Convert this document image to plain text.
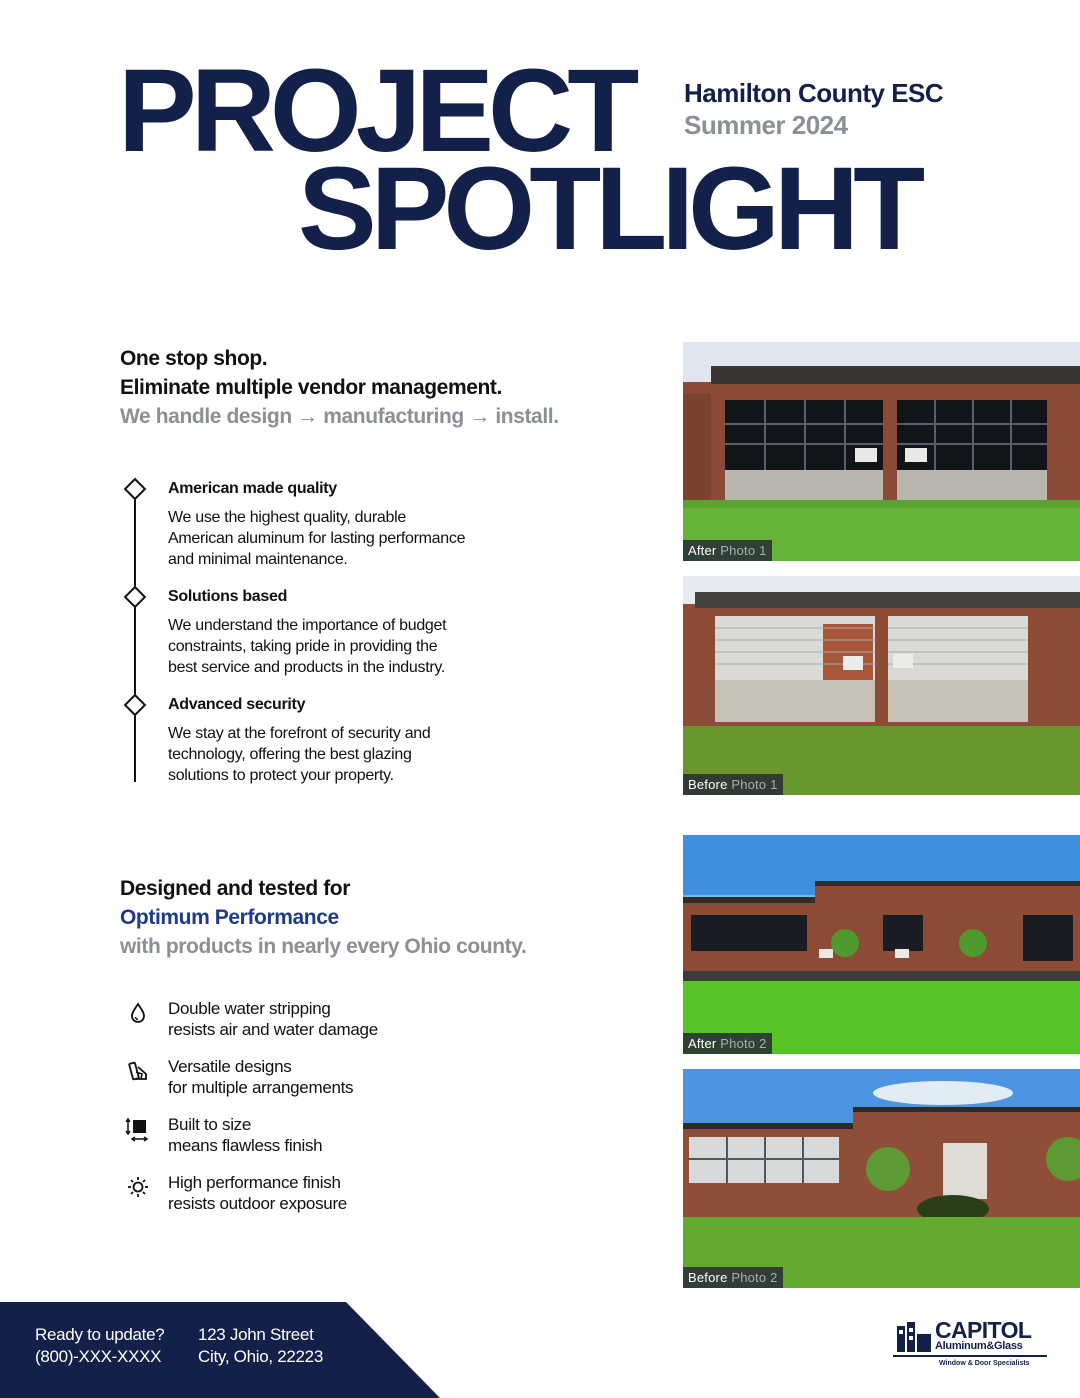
PROJECT
SPOTLIGHT
Hamilton County ESC
Summer 2024
One stop shop.
Eliminate multiple vendor management.
We handle design → manufacturing → install.
American made quality
We use the highest quality, durable
American aluminum for lasting performance
and minimal maintenance.
Solutions based
We understand the importance of budget
constraints, taking pride in providing the
best service and products in the industry.
Advanced security
We stay at the forefront of security and
technology, offering the best glazing
solutions to protect your property.
Designed and tested for
Optimum Performance
with products in nearly every Ohio county.
Double water stripping
resists air and water damage
Versatile designs
for multiple arrangements
Built to size
means flawless finish
High performance finish
resists outdoor exposure
After Photo 1
Before Photo 1
After Photo 2
Before Photo 2
Ready to update?
(800)-XXX-XXXX
123 John Street
City, Ohio, 22223
CAPITOL
Aluminum&Glass
Window & Door Specialists
